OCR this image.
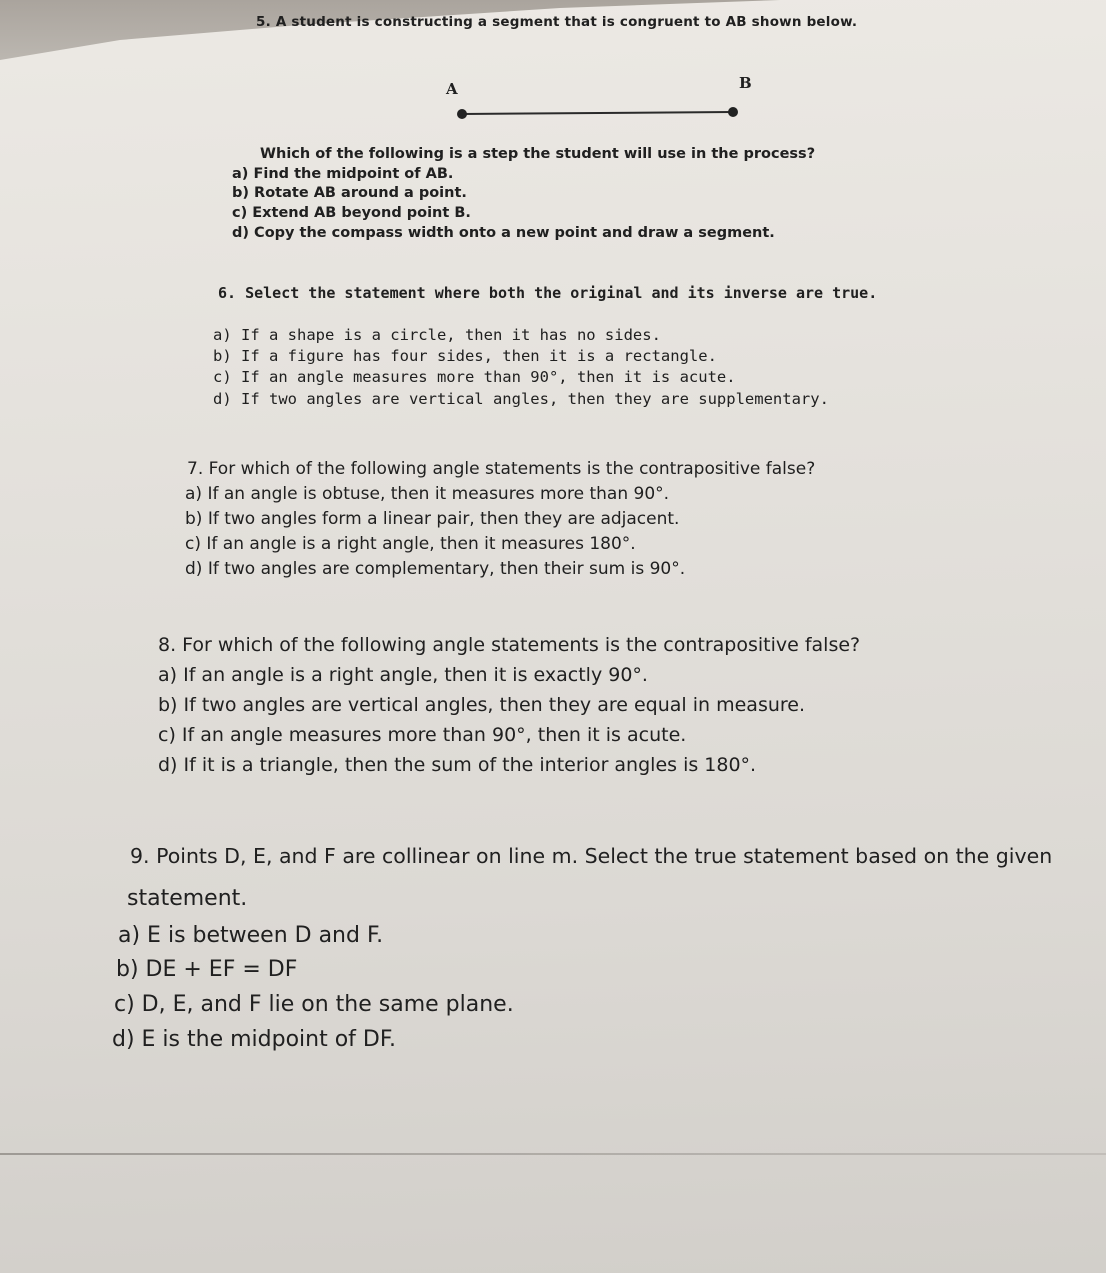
5. A student is constructing a segment that is congruent to AB shown below.
A	B
Which of the following is a step the student will use in the process?
a) Find the midpoint of AB.
b) Rotate AB around a point.
c) Extend AB beyond point B.
d) Copy the compass width onto a new point and draw a segment.
6. Select the statement where both the original and its inverse are true.
a) If a shape is a circle, then it has no sides.
b) If a figure has four sides, then it is a rectangle.
c) If an angle measures more than 90°, then it is acute.
d) If two angles are vertical angles, then they are supplementary.
7. For which of the following angle statements is the contrapositive false?
a) If an angle is obtuse, then it measures more than 90°.
b) If two angles form a linear pair, then they are adjacent.
c) If an angle is a right angle, then it measures 180°.
d) If two angles are complementary, then their sum is 90°.
8. For which of the following angle statements is the contrapositive false?
a) If an angle is a right angle, then it is exactly 90°.
b) If two angles are vertical angles, then they are equal in measure.
c) If an angle measures more than 90°, then it is acute.
d) If it is a triangle, then the sum of the interior angles is 180°.
9. Points D, E, and F are collinear on line m. Select the true statement based on the given
statement.
a) E is between D and F.
b) DE + EF = DF
c) D, E, and F lie on the same plane.
d) E is the midpoint of DF.
